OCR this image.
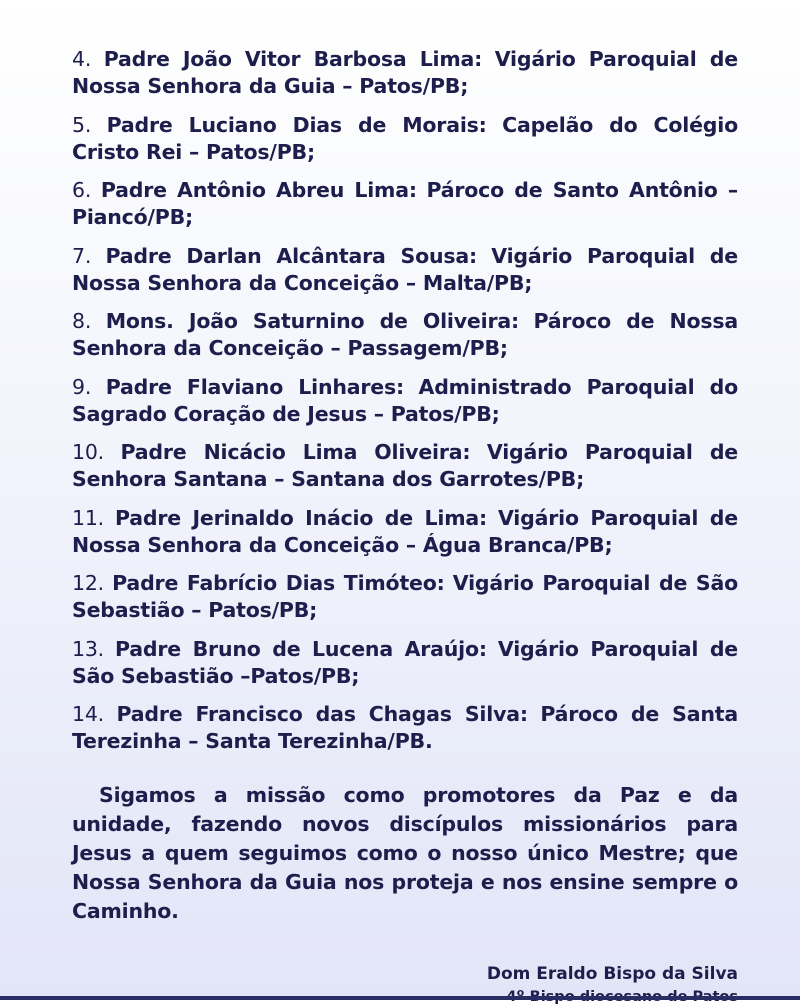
4. Padre João Vitor Barbosa Lima: Vigário Paroquial de Nossa Senhora da Guia – Patos/PB;

5. Padre Luciano Dias de Morais: Capelão do Colégio Cristo Rei – Patos/PB;

6. Padre Antônio Abreu Lima: Pároco de Santo Antônio – Piancó/PB;

7. Padre Darlan Alcântara Sousa: Vigário Paroquial de Nossa Senhora da Conceição – Malta/PB;

8. Mons. João Saturnino de Oliveira: Pároco de Nossa Senhora da Conceição – Passagem/PB;

9. Padre Flaviano Linhares: Administrado Paroquial do Sagrado Coração de Jesus – Patos/PB;

10. Padre Nicácio Lima Oliveira: Vigário Paroquial de Senhora Santana – Santana dos Garrotes/PB;

11. Padre Jerinaldo Inácio de Lima: Vigário Paroquial de Nossa Senhora da Conceição – Água Branca/PB;

12. Padre Fabrício Dias Timóteo: Vigário Paroquial de São Sebastião – Patos/PB;

13. Padre Bruno de Lucena Araújo: Vigário Paroquial de São Sebastião –Patos/PB;

14. Padre Francisco das Chagas Silva: Pároco de Santa Terezinha – Santa Terezinha/PB.

Sigamos a missão como promotores da Paz e da unidade, fazendo novos discípulos missionários para Jesus a quem seguimos como o nosso único Mestre; que Nossa Senhora da Guia nos proteja e nos ensine sempre o Caminho.

Dom Eraldo Bispo da Silva
